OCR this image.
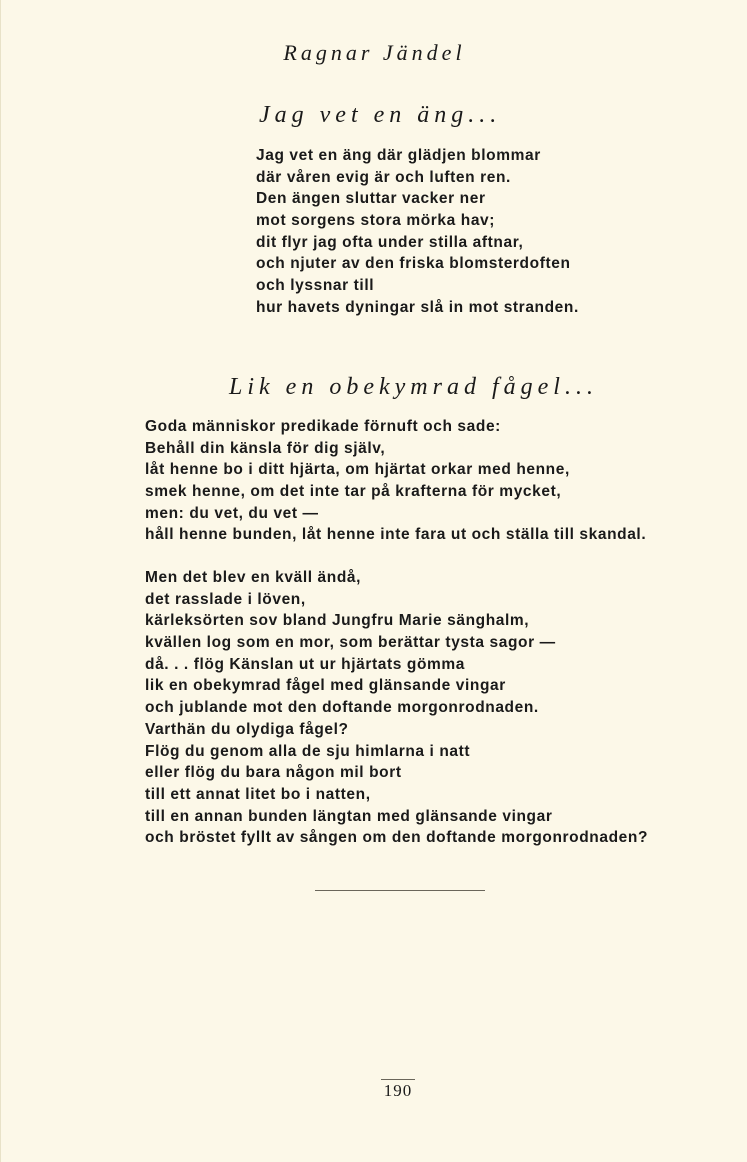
Ragnar Jändel
Jag vet en äng...
Jag vet en äng där glädjen blommar
där våren evig är och luften ren.
Den ängen sluttar vacker ner
mot sorgens stora mörka hav;
dit flyr jag ofta under stilla aftnar,
och njuter av den friska blomsterdoften
och lyssnar till
hur havets dyningar slå in mot stranden.
Lik en obekymrad fågel...
Goda människor predikade förnuft och sade:
Behåll din känsla för dig själv,
låt henne bo i ditt hjärta, om hjärtat orkar med henne,
smek henne, om det inte tar på krafterna för mycket,
men: du vet, du vet —
håll henne bunden, låt henne inte fara ut och ställa till skandal.
Men det blev en kväll ändå,
det rasslade i löven,
kärleksörten sov bland Jungfru Marie sänghalm,
kvällen log som en mor, som berättar tysta sagor —
då. . . flög Känslan ut ur hjärtats gömma
lik en obekymrad fågel med glänsande vingar
och jublande mot den doftande morgonrodnaden.
Varthän du olydiga fågel?
Flög du genom alla de sju himlarna i natt
eller flög du bara någon mil bort
till ett annat litet bo i natten,
till en annan bunden längtan med glänsande vingar
och bröstet fyllt av sången om den doftande morgonrodnaden?
190
